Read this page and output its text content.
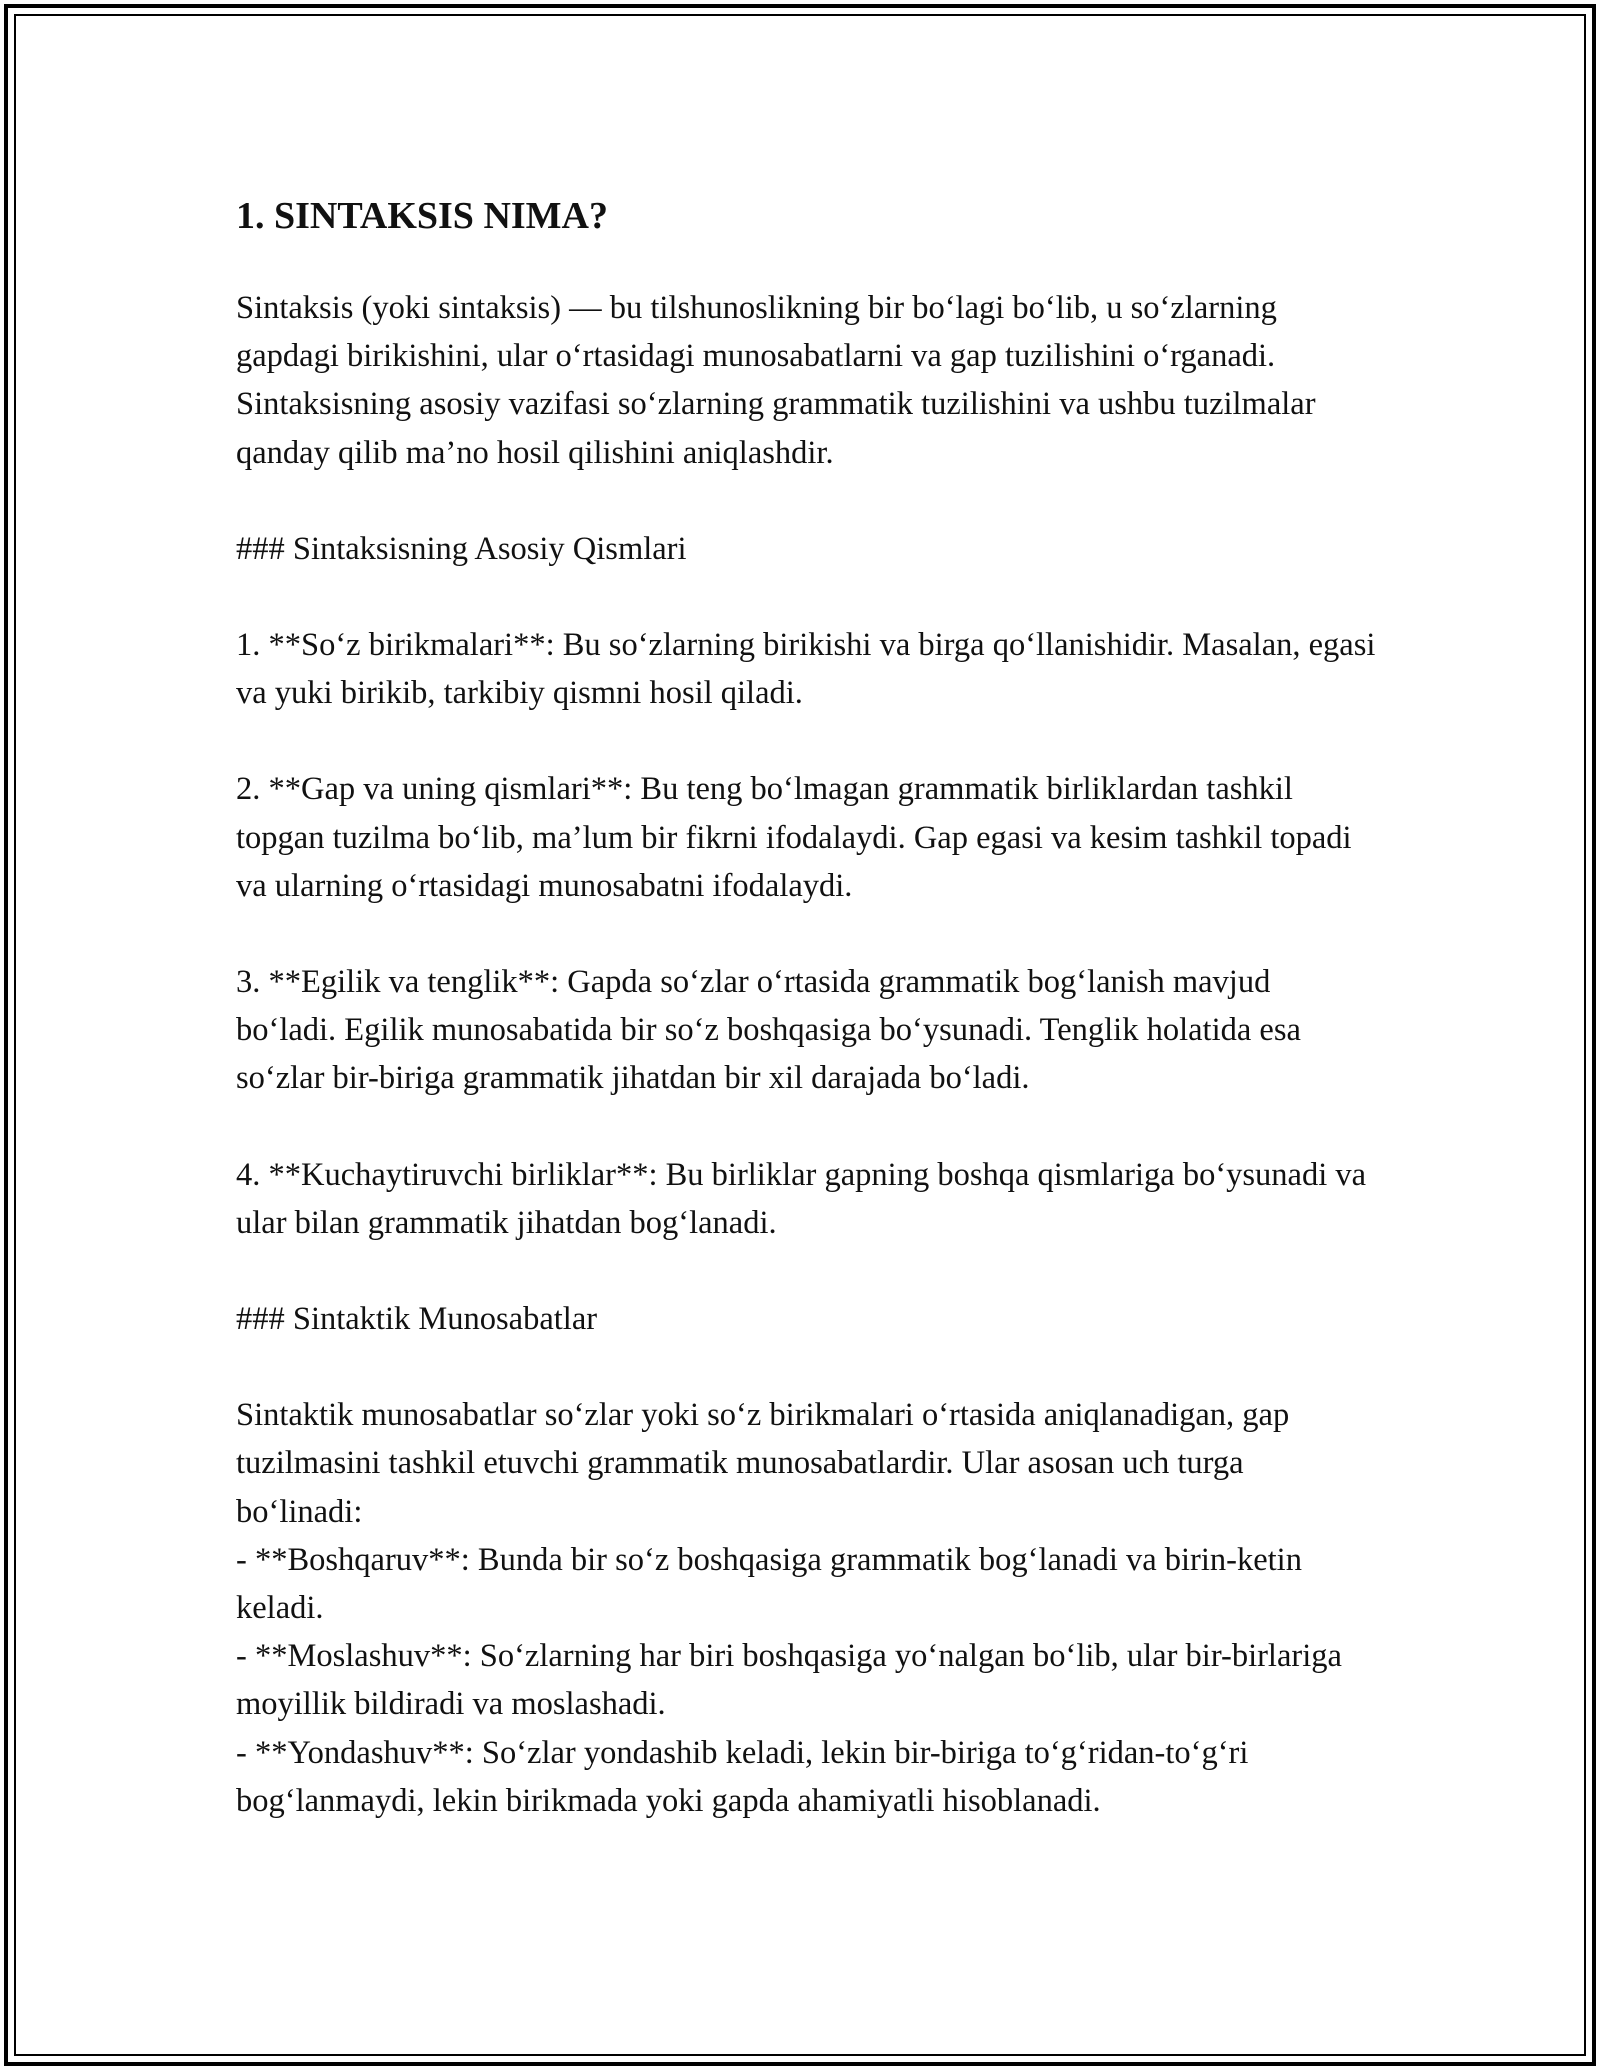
1. SINTAKSIS NIMA?

Sintaksis (yoki sintaksis) — bu tilshunoslikning bir boʻlagi boʻlib, u soʻzlarning gapdagi birikishini, ular oʻrtasidagi munosabatlarni va gap tuzilishini oʻrganadi. Sintaksisning asosiy vazifasi soʻzlarning grammatik tuzilishini va ushbu tuzilmalar qanday qilib ma’no hosil qilishini aniqlashdir.

### Sintaksisning Asosiy Qismlari

1. **Soʻz birikmalari**: Bu soʻzlarning birikishi va birga qoʻllanishidir. Masalan, egasi va yuki birikib, tarkibiy qismni hosil qiladi.

2. **Gap va uning qismlari**: Bu teng boʻlmagan grammatik birliklardan tashkil topgan tuzilma boʻlib, ma’lum bir fikrni ifodalaydi. Gap egasi va kesim tashkil topadi va ularning oʻrtasidagi munosabatni ifodalaydi.

3. **Egilik va tenglik**: Gapda soʻzlar oʻrtasida grammatik bogʻlanish mavjud boʻladi. Egilik munosabatida bir soʻz boshqasiga boʻysunadi. Tenglik holatida esa soʻzlar bir-biriga grammatik jihatdan bir xil darajada boʻladi.

4. **Kuchaytiruvchi birliklar**: Bu birliklar gapning boshqa qismlariga boʻysunadi va ular bilan grammatik jihatdan bogʻlanadi.

### Sintaktik Munosabatlar

Sintaktik munosabatlar soʻzlar yoki soʻz birikmalari oʻrtasida aniqlanadigan, gap tuzilmasini tashkil etuvchi grammatik munosabatlardir. Ular asosan uch turga boʻlinadi:

- **Boshqaruv**: Bunda bir soʻz boshqasiga grammatik bogʻlanadi va birin-ketin keladi.

- **Moslashuv**: Soʻzlarning har biri boshqasiga yoʻnalgan boʻlib, ular bir-birlariga moyillik bildiradi va moslashadi.

- **Yondashuv**: Soʻzlar yondashib keladi, lekin bir-biriga toʻgʻridan-toʻgʻri bogʻlanmaydi, lekin birikmada yoki gapda ahamiyatli hisoblanadi.
